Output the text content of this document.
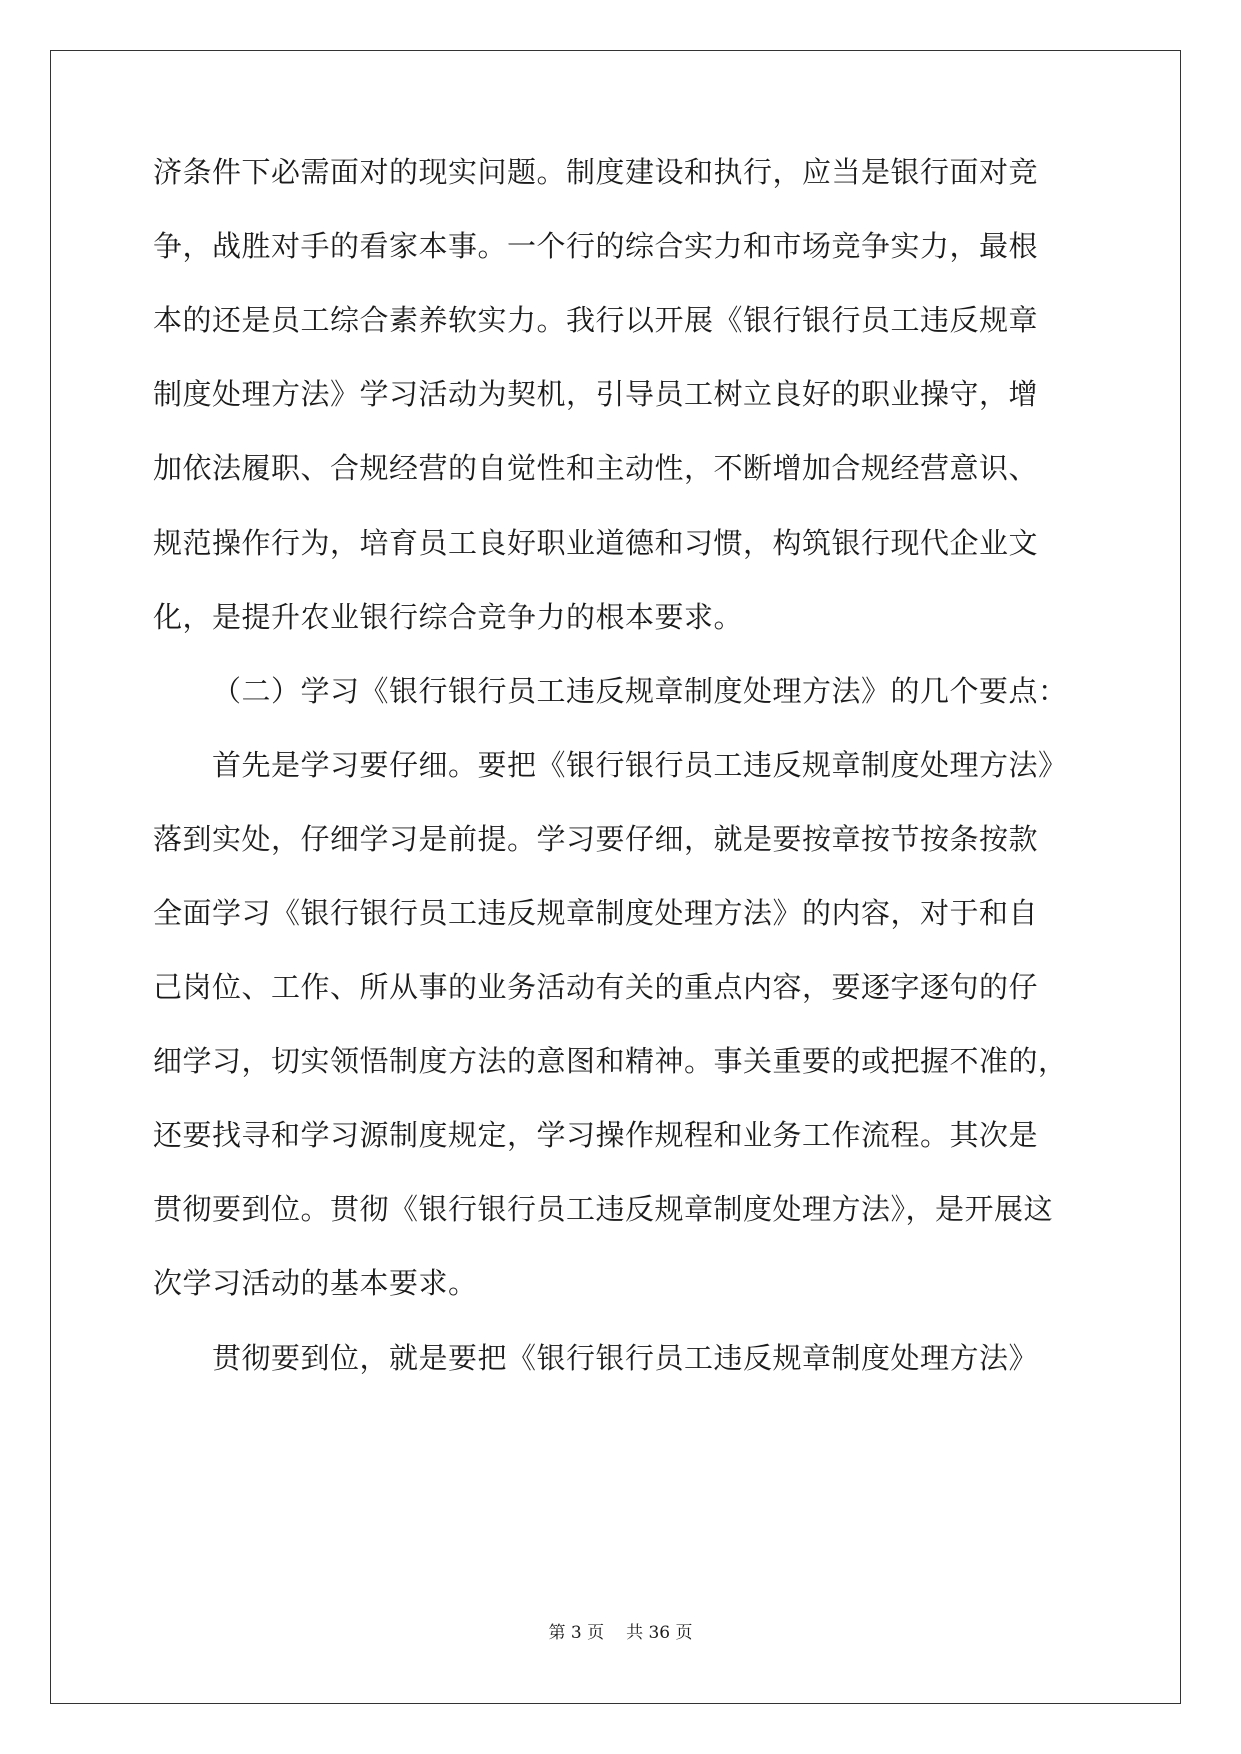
济条件下必需面对的现实问题。制度建设和执行，应当是银行面对竞
争，战胜对手的看家本事。一个行的综合实力和市场竞争实力，最根
本的还是员工综合素养软实力。我行以开展《银行银行员工违反规章
制度处理方法》学习活动为契机，引导员工树立良好的职业操守，增
加依法履职、合规经营的自觉性和主动性，不断增加合规经营意识、
规范操作行为，培育员工良好职业道德和习惯，构筑银行现代企业文
化，是提升农业银行综合竞争力的根本要求。
（二）学习《银行银行员工违反规章制度处理方法》的几个要点：
首先是学习要仔细。要把《银行银行员工违反规章制度处理方法》
落到实处，仔细学习是前提。学习要仔细，就是要按章按节按条按款
全面学习《银行银行员工违反规章制度处理方法》的内容，对于和自
己岗位、工作、所从事的业务活动有关的重点内容，要逐字逐句的仔
细学习，切实领悟制度方法的意图和精神。事关重要的或把握不准的，
还要找寻和学习源制度规定，学习操作规程和业务工作流程。其次是
贯彻要到位。贯彻《银行银行员工违反规章制度处理方法》，是开展这
次学习活动的基本要求。
贯彻要到位，就是要把《银行银行员工违反规章制度处理方法》
第 3 页 共 36 页
